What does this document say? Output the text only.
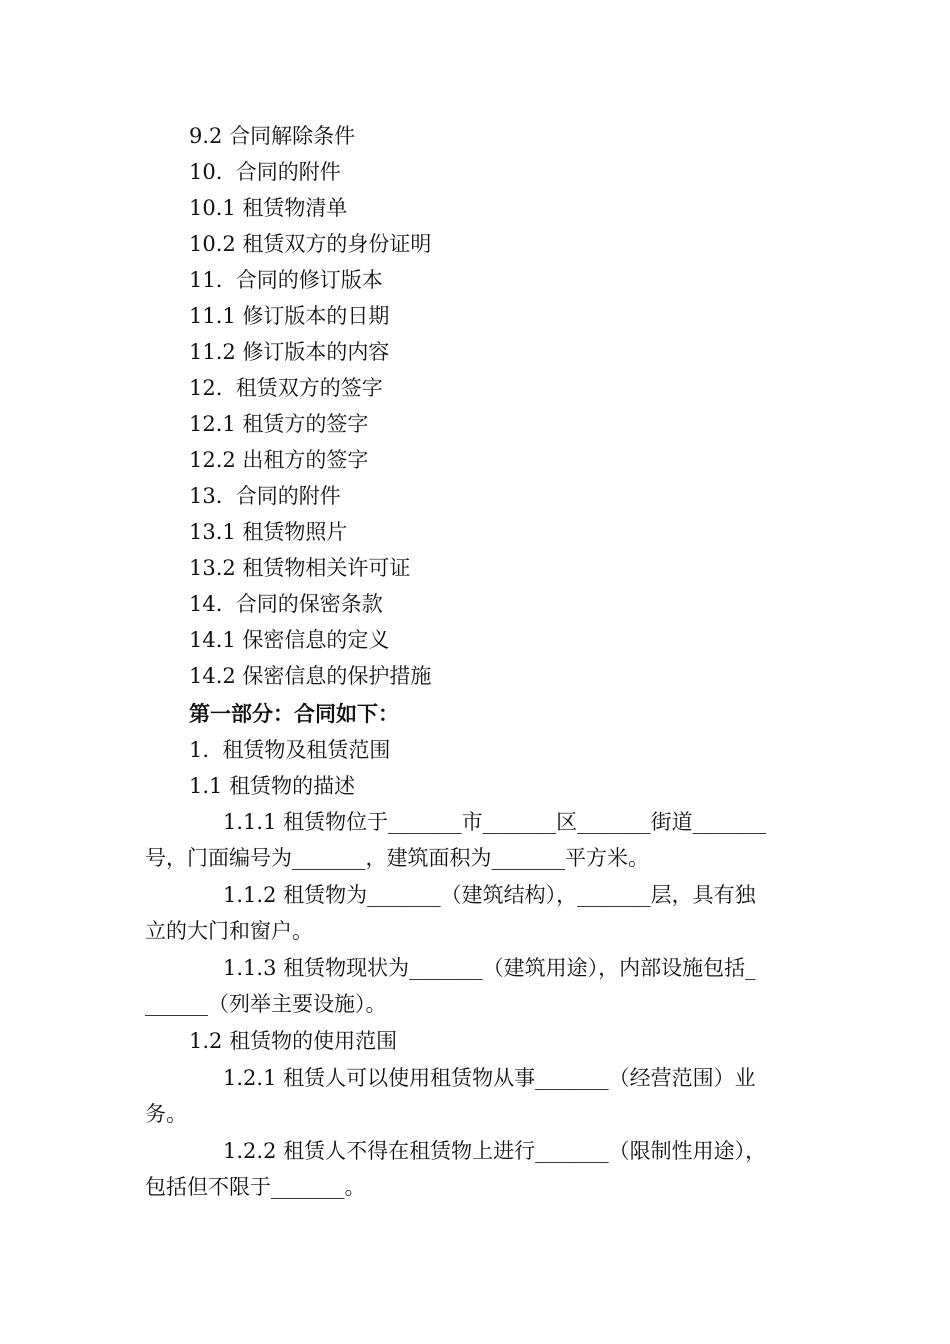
9.2 合同解除条件
10.  合同的附件
10.1 租赁物清单
10.2 租赁双方的身份证明
11.  合同的修订版本
11.1 修订版本的日期
11.2 修订版本的内容
12.  租赁双方的签字
12.1 租赁方的签字
12.2 出租方的签字
13.  合同的附件
13.1 租赁物照片
13.2 租赁物相关许可证
14.  合同的保密条款
14.1 保密信息的定义
14.2 保密信息的保护措施
第一部分：合同如下：
1.  租赁物及租赁范围
1.1 租赁物的描述
1.1.1 租赁物位于_______市_______区_______街道_______
号，门面编号为_______，建筑面积为_______平方米。
1.1.2 租赁物为_______（建筑结构），_______层，具有独
立的大门和窗户。
1.1.3 租赁物现状为_______（建筑用途），内部设施包括_
______（列举主要设施）。
1.2 租赁物的使用范围
1.2.1 租赁人可以使用租赁物从事_______（经营范围）业
务。
1.2.2 租赁人不得在租赁物上进行_______（限制性用途），
包括但不限于_______。
